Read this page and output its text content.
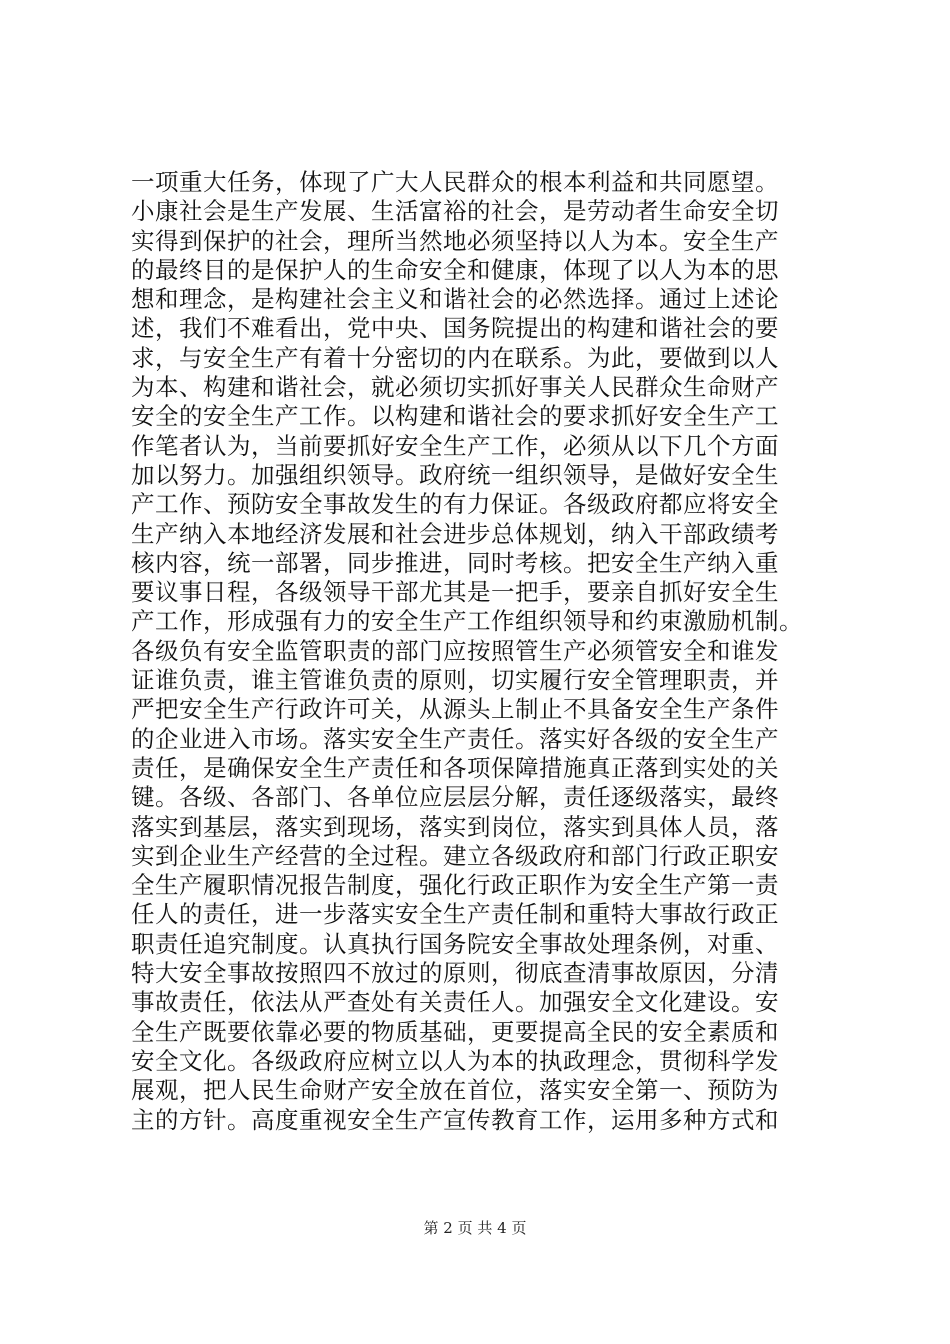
一项重大任务，体现了广大人民群众的根本利益和共同愿望。
小康社会是生产发展、生活富裕的社会，是劳动者生命安全切
实得到保护的社会，理所当然地必须坚持以人为本。安全生产
的最终目的是保护人的生命安全和健康，体现了以人为本的思
想和理念，是构建社会主义和谐社会的必然选择。通过上述论
述，我们不难看出，党中央、国务院提出的构建和谐社会的要
求，与安全生产有着十分密切的内在联系。为此，要做到以人
为本、构建和谐社会，就必须切实抓好事关人民群众生命财产
安全的安全生产工作。以构建和谐社会的要求抓好安全生产工
作笔者认为，当前要抓好安全生产工作，必须从以下几个方面
加以努力。加强组织领导。政府统一组织领导，是做好安全生
产工作、预防安全事故发生的有力保证。各级政府都应将安全
生产纳入本地经济发展和社会进步总体规划，纳入干部政绩考
核内容，统一部署，同步推进，同时考核。把安全生产纳入重
要议事日程，各级领导干部尤其是一把手，要亲自抓好安全生
产工作，形成强有力的安全生产工作组织领导和约束激励机制。
各级负有安全监管职责的部门应按照管生产必须管安全和谁发
证谁负责，谁主管谁负责的原则，切实履行安全管理职责，并
严把安全生产行政许可关，从源头上制止不具备安全生产条件
的企业进入市场。落实安全生产责任。落实好各级的安全生产
责任，是确保安全生产责任和各项保障措施真正落到实处的关
键。各级、各部门、各单位应层层分解，责任逐级落实，最终
落实到基层，落实到现场，落实到岗位，落实到具体人员，落
实到企业生产经营的全过程。建立各级政府和部门行政正职安
全生产履职情况报告制度，强化行政正职作为安全生产第一责
任人的责任，进一步落实安全生产责任制和重特大事故行政正
职责任追究制度。认真执行国务院安全事故处理条例，对重、
特大安全事故按照四不放过的原则，彻底查清事故原因，分清
事故责任，依法从严查处有关责任人。加强安全文化建设。安
全生产既要依靠必要的物质基础，更要提高全民的安全素质和
安全文化。各级政府应树立以人为本的执政理念，贯彻科学发
展观，把人民生命财产安全放在首位，落实安全第一、预防为
主的方针。高度重视安全生产宣传教育工作，运用多种方式和
第 2 页 共 4 页
